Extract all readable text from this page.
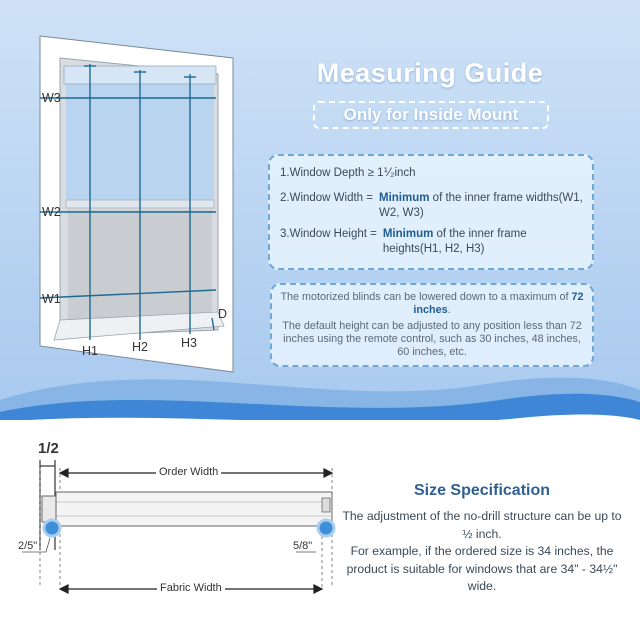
W3
W2
W1
H1	H2	H3
D
Measuring Guide
Only for Inside Mount
1.Window Depth ≥ 1⅟₂inch
2.Window Width = Minimum of the inner frame widths(W1, W2, W3)
3.Window Height = Minimum of the inner frame heights(H1, H2, H3)
The motorized blinds can be lowered down to a maximum of 72 inches.
The default height can be adjusted to any position less than 72 inches using the remote control, such as 30 inches, 48 inches, 60 inches, etc.
1/2
Order Width
Fabric Width
2/5"	5/8"
Size Specification
The adjustment of the no-drill structure can be up to ½ inch.
For example, if the ordered size is 34 inches, the product is suitable for windows that are 34" - 34½" wide.
